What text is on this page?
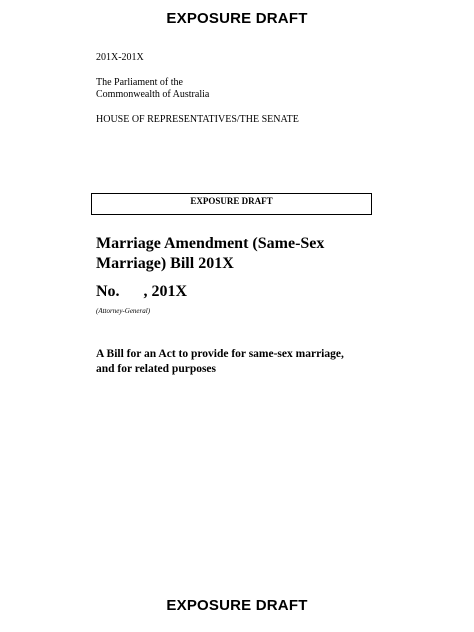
EXPOSURE DRAFT
201X-201X
The Parliament of the
Commonwealth of Australia
HOUSE OF REPRESENTATIVES/THE SENATE
EXPOSURE DRAFT
Marriage Amendment (Same-Sex
Marriage) Bill 201X
No.      , 201X
(Attorney-General)
A Bill for an Act to provide for same-sex marriage,
and for related purposes
EXPOSURE DRAFT
